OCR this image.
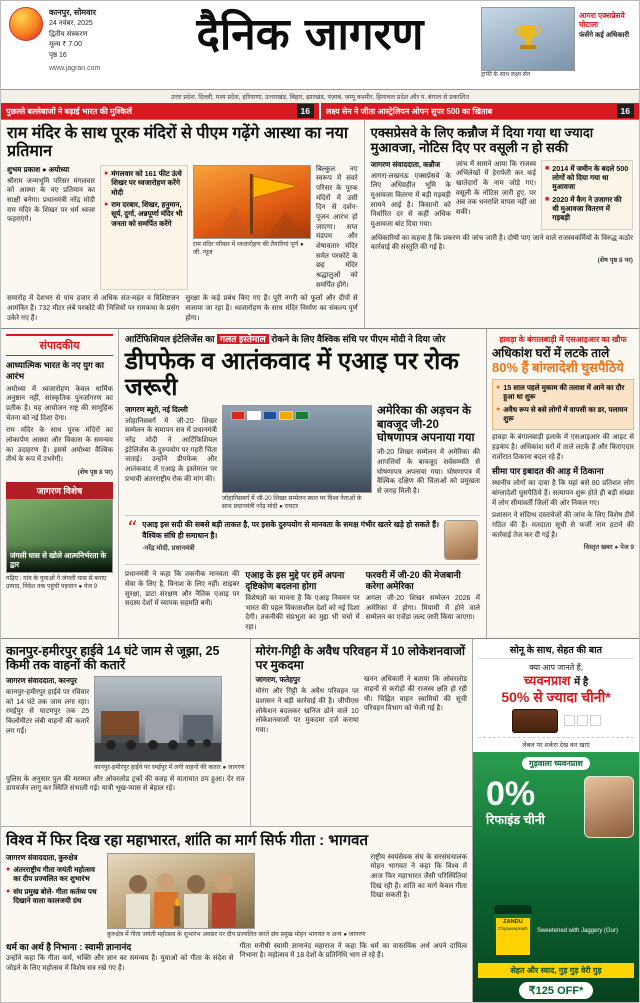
कानपुर, सोमवार
24 नवंबर, 2025
द्वितीय संस्करण
मूल्य ₹ 7.00
पृष्ठ 16
www.jagran.com
दैनिक जागरण
ट्राफी के साथ लक्ष्य सेन
आगरा एक्सप्रेसवे घोटाला
फंसेंगे कई अधिकारी
उत्तर प्रदेश, दिल्ली, मध्य प्रदेश, हरियाणा, उत्तराखंड, बिहार, झारखंड, पंजाब, जम्मू कश्मीर, हिमाचल प्रदेश और प. बंगाल से प्रकाशित
पुछल्ले बल्लेबाजों ने बढ़ाई भारत की मुश्किलें	16	लक्ष्य सेन ने जीता आस्ट्रेलियन ओपन सुपर 500 का खिताब	16
राम मंदिर के साथ पूरक मंदिरों से पीएम गढ़ेंगे आस्था का नया प्रतिमान
शुभम प्रकाश ● अयोध्या
श्रीराम जन्मभूमि परिसर मंगलवार को आस्था के नए प्रतिमान का साक्षी बनेगा। प्रधानमंत्री नरेंद्र मोदी राम मंदिर के शिखर पर धर्म ध्वजा फहराएंगे।
● मंगलवार को 161 फीट ऊंचे शिखर पर ध्वजारोहण करेंगे मोदी
● राम दरबार, शिखर, हनुमान, सूर्य, दुर्गा, अन्नपूर्णा मंदिर भी जनता को समर्पित करेंगे
राम मंदिर परिसर में ध्वजारोहण की तैयारियां पूर्ण ● जी. न्यूज
बिल्कुल नए स्वरूप में संवरे परिसर के पूरक मंदिरों में उसी दिन से दर्शन-पूजन आरंभ हो जाएगा। सप्त मंडपम और शेषावतार मंदिर समेत परकोटे के छह मंदिर श्रद्धालुओं को समर्पित होंगे।
समारोह में देशभर से पांच हजार से अधिक संत-महंत व विशिष्टजन आमंत्रित हैं। 732 मीटर लंबे परकोटे की भित्तियों पर रामकथा के प्रसंग उकेरे गए हैं।
सुरक्षा के कड़े प्रबंध किए गए हैं। पूरी नगरी को फूलों और दीपों से सजाया जा रहा है। ध्वजारोहण के साथ मंदिर निर्माण का संकल्प पूर्ण होगा।
एक्सप्रेसवे के लिए कन्नौज में दिया गया था ज्यादा मुआवजा, नोटिस दिए पर वसूली न हो सकी
जागरण संवाददाता, कन्नौज
आगरा-लखनऊ एक्सप्रेसवे के लिए अधिग्रहीत भूमि के मुआवजा वितरण में बड़ी गड़बड़ी सामने आई है। किसानों को निर्धारित दर से कहीं अधिक मुआवजा बांट दिया गया।
जांच में सामने आया कि राजस्व अभिलेखों में हेराफेरी कर कई खातेदारों के नाम जोड़े गए। वसूली के नोटिस जारी हुए, पर अब तक धनराशि वापस नहीं आ सकी।
■ 2014 में जमीन के बदले 500 लोगों को दिया गया था मुआवजा
■ 2020 में कैग ने उजागर की थी मुआवजा वितरण में गड़बड़ी
अधिकारियों का कहना है कि प्रकरण की जांच जारी है। दोषी पाए जाने वाले राजस्वकर्मियों के विरुद्ध कठोर कार्रवाई की संस्तुति की गई है।
(शेष पृष्ठ 8 पर)
संपादकीय
आध्यात्मिक भारत के नए युग का आरंभ
अयोध्या में ध्वजारोहण केवल धार्मिक अनुष्ठान नहीं, सांस्कृतिक पुनर्जागरण का प्रतीक है। यह आयोजन राष्ट्र की सामूहिक चेतना को नई दिशा देगा।
राम मंदिर के साथ पूरक मंदिरों का लोकार्पण आस्था और विकास के समन्वय का उदाहरण है। इससे अयोध्या वैश्विक तीर्थ के रूप में उभरेगी।
(शेष पृष्ठ 8 पर)
जागरण विशेष
जंगली घास से खोले आत्मनिर्भरता के द्वार
पढ़िए : गांव के युवाओं ने जंगली घास से बनाए उत्पाद, विदेश तक पहुंची पहचान ● पेज 9
आर्टिफिशियल इंटेलिजेंस का गलत इस्तेमाल रोकने के लिए वैश्विक संधि पर पीएम मोदी ने दिया जोर
डीपफेक व आतंकवाद में एआइ पर रोक जरूरी
जागरण ब्यूरो, नई दिल्ली
जोहानिसबर्ग में जी-20 शिखर सम्मेलन के समापन सत्र में प्रधानमंत्री नरेंद्र मोदी ने आर्टिफिशियल इंटेलिजेंस के दुरुपयोग पर गहरी चिंता जताई। उन्होंने डीपफेक और आतंकवाद में एआइ के इस्तेमाल पर प्रभावी अंतरराष्ट्रीय रोक की मांग की।
जोहानिसबर्ग में जी-20 शिखर सम्मेलन स्थल पर विश्व नेताओं के साथ प्रधानमंत्री नरेंद्र मोदी ● रायटर
अमेरिका की अड़चन के बावजूद जी-20 घोषणापत्र अपनाया गया
जी-20 शिखर सम्मेलन में अमेरिका की आपत्तियों के बावजूद सर्वसम्मति से घोषणापत्र अपनाया गया। घोषणापत्र में वैश्विक दक्षिण की चिंताओं को प्रमुखता से जगह मिली है।
“ एआइ इस सदी की सबसे बड़ी ताकत है, पर इसके दुरुपयोग से मानवता के समक्ष गंभीर खतरे खड़े हो सकते हैं। वैश्विक संधि ही समाधान है।
-नरेंद्र मोदी, प्रधानमंत्री
प्रधानमंत्री ने कहा कि तकनीक मानवता की सेवा के लिए है, विनाश के लिए नहीं। साइबर सुरक्षा, डाटा संरक्षण और नैतिक एआइ पर सदस्य देशों में व्यापक सहमति बनी।
एआइ के इस मुद्दे पर हमें अपना दृष्टिकोण बदलना होगा
विशेषज्ञों का मानना है कि एआइ नियमन पर भारत की पहल विकासशील देशों को नई दिशा देगी। तकनीकी संप्रभुता का मुद्दा भी चर्चा में रहा।
फरवरी में जी-20 की मेजबानी करेगा अमेरिका
अगला जी-20 शिखर सम्मेलन 2026 में अमेरिका में होगा। मियामी में होने वाले सम्मेलन का एजेंडा जल्द जारी किया जाएगा।
हावड़ा के बंगालबाड़ी में एसआइआर का खौफ
अधिकांश घरों में लटके ताले
80% हैं बांग्लादेशी घुसपैठिये
● 15 साल पहले मुकाम की तलाश में आने का दौर हुआ था शुरू
● अवैध रूप से बसे लोगों में वापसी का डर, पलायन शुरू
हावड़ा के बंगालबाड़ी इलाके में एसआइआर की आहट से हड़कंप है। अधिकांश घरों में ताले लटके हैं और किराएदार रातोंरात ठिकाना बदल रहे हैं।
सीमा पार इबादत की आड़ में ठिकाना
स्थानीय लोगों का दावा है कि यहां बसे 80 प्रतिशत लोग बांग्लादेशी घुसपैठिये हैं। सत्यापन शुरू होते ही बड़ी संख्या में लोग सीमावर्ती जिलों की ओर निकल गए।
प्रशासन ने संदिग्ध दस्तावेजों की जांच के लिए विशेष टीमें गठित की हैं। मतदाता सूची से फर्जी नाम हटाने की कार्रवाई तेज कर दी गई है।
विस्तृत खबर ● पेज 9
कानपुर-हमीरपुर हाईवे 14 घंटे जाम से जूझा, 25 किमी तक वाहनों की कतारें
जागरण संवाददाता, कानपुर
कानपुर-हमीरपुर हाईवे पर रविवार को 14 घंटे तक जाम लगा रहा। रमईपुर से घाटमपुर तक 25 किलोमीटर लंबी वाहनों की कतारें लग गईं।
कानपुर-हमीरपुर हाईवे पर रमईपुर में लगी वाहनों की कतार ● जागरण
पुलिस के अनुसार पुल की मरम्मत और ओवरलोड ट्रकों की वजह से यातायात ठप हुआ। देर रात डायवर्जन लागू कर स्थिति संभाली गई। यात्री भूख-प्यास से बेहाल रहे।
मोरंग-गिट्टी के अवैध परिवहन में 10 लोकेशनवाजों पर मुकदमा
जागरण, फतेहपुर
मोरंग और गिट्टी के अवैध परिवहन पर प्रशासन ने बड़ी कार्रवाई की है। जीपीएस लोकेशन बदलकर खनिज ढोने वाले 10 लोकेशनवाजों पर मुकदमा दर्ज कराया गया।
खनन अधिकारी ने बताया कि ओवरलोड वाहनों से करोड़ों की राजस्व क्षति हो रही थी। चिह्नित वाहन स्वामियों की सूची परिवहन विभाग को भेजी गई है।
विश्व में फिर दिख रहा महाभारत, शांति का मार्ग सिर्फ गीता : भागवत
जागरण संवाददाता, कुरुक्षेत्र
● अंतरराष्ट्रीय गीता जयंती महोत्सव का दीप प्रज्वलित कर शुभारंभ
● संघ प्रमुख बोले- गीता कर्तव्य पथ दिखाने वाला कालजयी ग्रंथ
कुरुक्षेत्र में गीता जयंती महोत्सव के शुभारंभ अवसर पर दीप प्रज्वलित करते संघ प्रमुख मोहन भागवत व अन्य ● जागरण
राष्ट्रीय स्वयंसेवक संघ के सरसंघचालक मोहन भागवत ने कहा कि विश्व में आज फिर महाभारत जैसी परिस्थितियां दिख रही हैं। शांति का मार्ग केवल गीता दिखा सकती है।
धर्म का अर्थ है निभाना : स्वामी ज्ञानानंद
उन्होंने कहा कि गीता कर्म, भक्ति और ज्ञान का समन्वय है। युवाओं को गीता के संदेश से जोड़ने के लिए महोत्सव में विशेष सत्र रखे गए हैं।
गीता मनीषी स्वामी ज्ञानानंद महाराज ने कहा कि धर्म का वास्तविक अर्थ अपने दायित्व निभाना है। महोत्सव में 18 देशों के प्रतिनिधि भाग ले रहे हैं।
सोनू के साथ, सेहत की बात
क्या आप जानते हैं,
च्यवनप्राश में है
50% से ज्यादा चीनी*
लेबल पर शर्करा देख कर खाएं
गुड़वाला च्यवनप्राश
0%
रिफाइंड चीनी
ZANDU
Chyavanprash Sweetened with Jaggery (Gur)
सेहत और स्वाद, गुड़ गुड़ वेरी गुड़
₹125 OFF*
